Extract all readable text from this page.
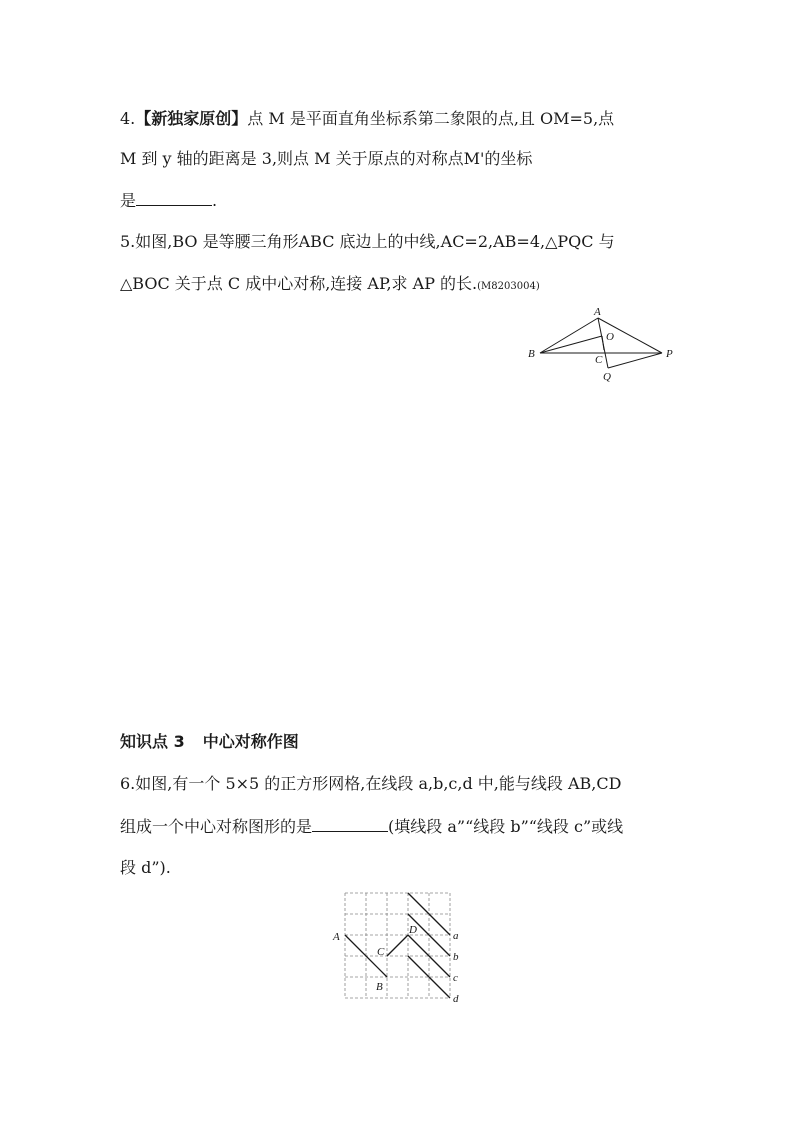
4.【新独家原创】点 M 是平面直角坐标系第二象限的点,且 OM=5,点
M 到 y 轴的距离是 3,则点 M 关于原点的对称点M'的坐标
是	.
5.如图,BO 是等腰三角形ABC 底边上的中线,AC=2,AB=4,△PQC 与
△BOC 关于点 C 成中心对称,连接 AP,求 AP 的长.(M8203004)
A
O
B	C	P
Q
知识点 3 中心对称作图
6.如图,有一个 5×5 的正方形网格,在线段 a,b,c,d 中,能与线段 AB,CD
组成一个中心对称图形的是	(填线段 a”“线段 b”“线段 c”或线
段 d”).
A
B
C
D	a
b
c
d
